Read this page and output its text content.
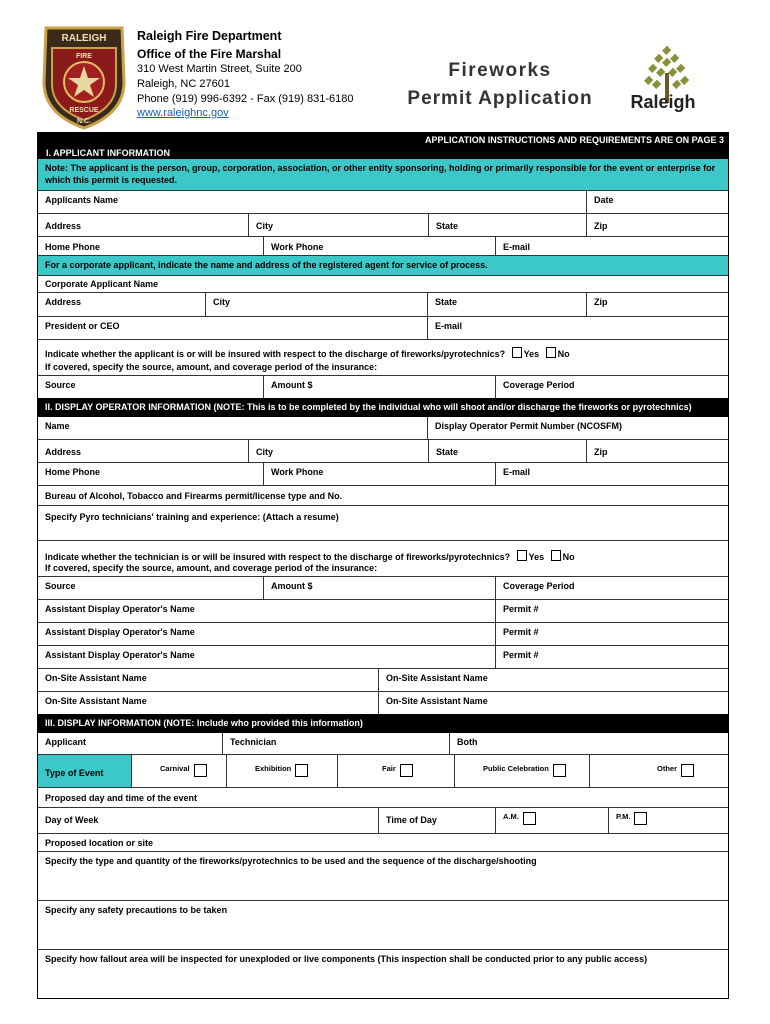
RALEIGH
FIRE
RESCUE
N.C.
Raleigh Fire Department
Office of the Fire Marshal
310 West Martin Street, Suite 200
Raleigh, NC 27601
Phone (919) 996-6392 - Fax (919) 831-6180
www.raleighnc.gov
Fireworks
Permit Application	Raleigh
APPLICATION INSTRUCTIONS AND REQUIREMENTS ARE ON PAGE 3
I. APPLICANT INFORMATION
Note: The applicant is the person, group, corporation, association, or other entity sponsoring, holding or primarily responsible for the event or enterprise for which this permit is requested.
Applicants Name	Date
Address	City	State	Zip
Home Phone	Work Phone	E-mail
For a corporate applicant, indicate the name and address of the registered agent for service of process.
Corporate Applicant Name
Address	City	State	Zip
President or CEO	E-mail
Indicate whether the applicant is or will be insured with respect to the discharge of fireworks/pyrotechnics? Yes No
If covered, specify the source, amount, and coverage period of the insurance:
Source	Amount $	Coverage Period
II. DISPLAY OPERATOR INFORMATION (NOTE: This is to be completed by the individual who will shoot and/or discharge the fireworks or pyrotechnics)
Name	Display Operator Permit Number (NCOSFM)
Address	City	State	Zip
Home Phone	Work Phone	E-mail
Bureau of Alcohol, Tobacco and Firearms permit/license type and No.
Specify Pyro technicians' training and experience: (Attach a resume)
Indicate whether the technician is or will be insured with respect to the discharge of fireworks/pyrotechnics? Yes No
If covered, specify the source, amount, and coverage period of the insurance:
Source	Amount $	Coverage Period
Assistant Display Operator's Name	Permit #
Assistant Display Operator's Name	Permit #
Assistant Display Operator's Name	Permit #
On-Site Assistant Name	On-Site Assistant Name
On-Site Assistant Name	On-Site Assistant Name
III. DISPLAY INFORMATION (NOTE: Include who provided this information)
Applicant	Technician	Both
Type of Event	Carnival	Exhibition	Fair	Public Celebration	Other
Proposed day and time of the event
Day of Week	Time of Day	A.M.	P.M.
Proposed location or site
Specify the type and quantity of the fireworks/pyrotechnics to be used and the sequence of the discharge/shooting
Specify any safety precautions to be taken
Specify how fallout area will be inspected for unexploded or live components (This inspection shall be conducted prior to any public access)
